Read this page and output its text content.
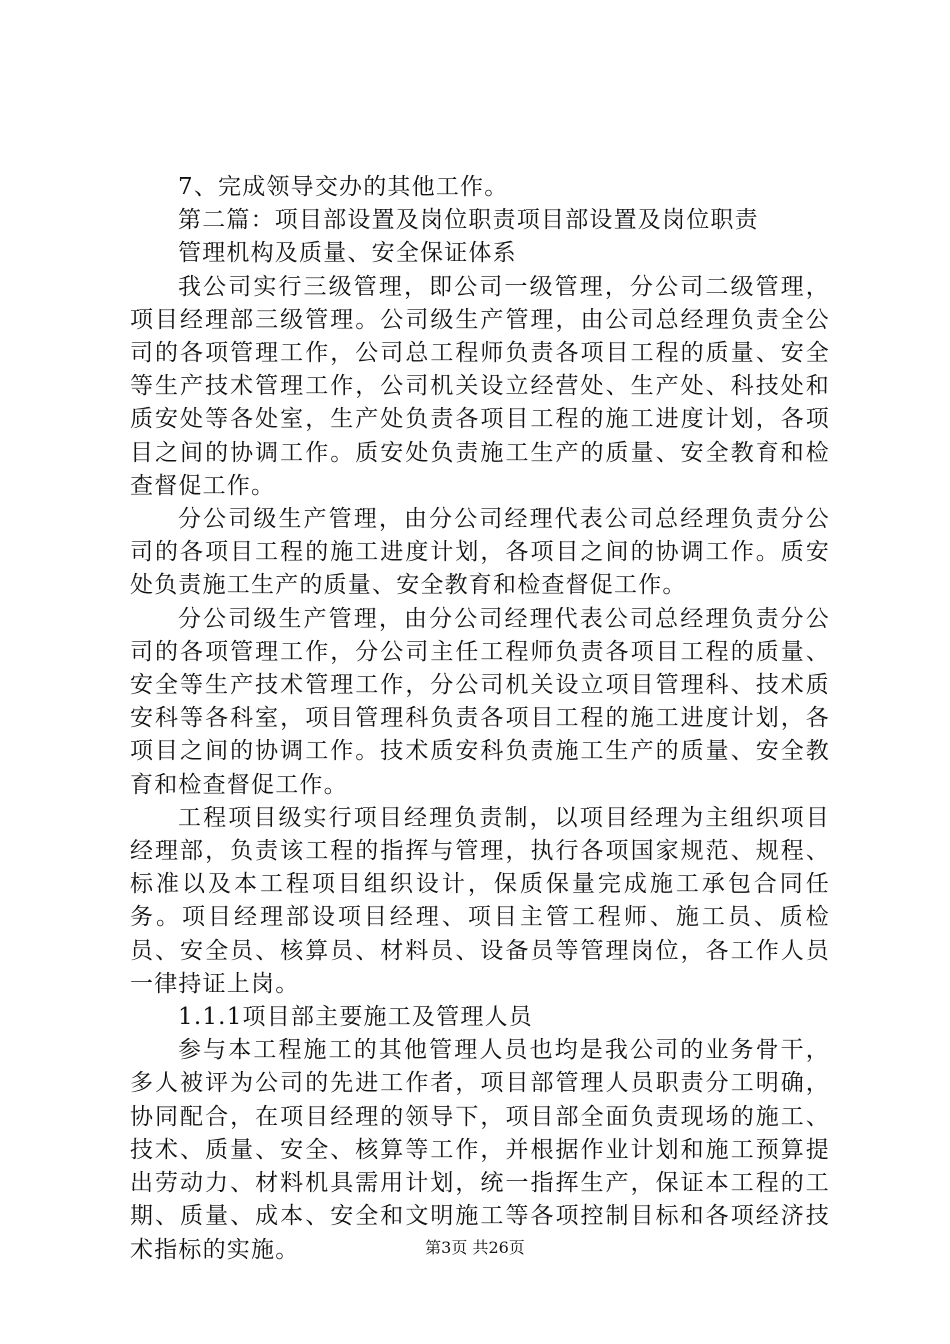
7、完成领导交办的其他工作。
第二篇：项目部设置及岗位职责项目部设置及岗位职责
管理机构及质量、安全保证体系

我公司实行三级管理，即公司一级管理，分公司二级管理，项目经理部三级管理。公司级生产管理，由公司总经理负责全公司的各项管理工作，公司总工程师负责各项目工程的质量、安全等生产技术管理工作，公司机关设立经营处、生产处、科技处和质安处等各处室，生产处负责各项目工程的施工进度计划，各项目之间的协调工作。质安处负责施工生产的质量、安全教育和检查督促工作。

分公司级生产管理，由分公司经理代表公司总经理负责分公司的各项目工程的施工进度计划，各项目之间的协调工作。质安处负责施工生产的质量、安全教育和检查督促工作。

分公司级生产管理，由分公司经理代表公司总经理负责分公司的各项管理工作，分公司主任工程师负责各项目工程的质量、安全等生产技术管理工作，分公司机关设立项目管理科、技术质安科等各科室，项目管理科负责各项目工程的施工进度计划，各项目之间的协调工作。技术质安科负责施工生产的质量、安全教育和检查督促工作。

工程项目级实行项目经理负责制，以项目经理为主组织项目经理部，负责该工程的指挥与管理，执行各项国家规范、规程、标准以及本工程项目组织设计，保质保量完成施工承包合同任务。项目经理部设项目经理、项目主管工程师、施工员、质检员、安全员、核算员、材料员、设备员等管理岗位，各工作人员一律持证上岗。

1.1.1项目部主要施工及管理人员

参与本工程施工的其他管理人员也均是我公司的业务骨干，多人被评为公司的先进工作者，项目部管理人员职责分工明确，协同配合，在项目经理的领导下，项目部全面负责现场的施工、技术、质量、安全、核算等工作，并根据作业计划和施工预算提出劳动力、材料机具需用计划，统一指挥生产，保证本工程的工期、质量、成本、安全和文明施工等各项控制目标和各项经济技术指标的实施。	第3页 共26页
